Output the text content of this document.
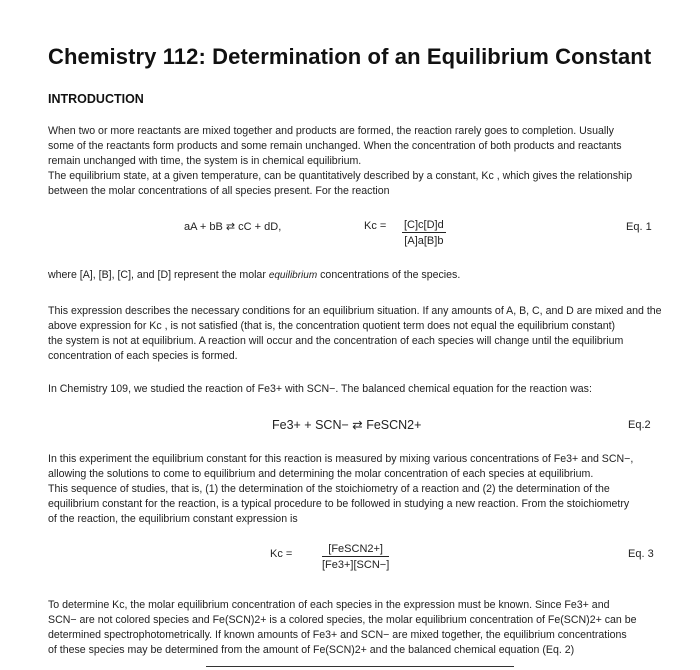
Chemistry 112: Determination of an Equilibrium Constant
INTRODUCTION
When two or more reactants are mixed together and products are formed, the reaction rarely goes to completion. Usually
some of the reactants form products and some remain unchanged. When the concentration of both products and reactants
remain unchanged with time, the system is in chemical equilibrium.
The equilibrium state, at a given temperature, can be quantitatively described by a constant, Kc , which gives the relationship
between the molar concentrations of all species present. For the reaction
aA + bB ⇄ cC + dD,	$Kc = \frac{[C]c[D]d}{[A]a[B]b}$	Eq. 1
where [A], [B], [C], and [D] represent the molar equilibrium concentrations of the species.
This expression describes the necessary conditions for an equilibrium situation. If any amounts of A, B, C, and D are mixed and the
above expression for Kc , is not satisfied (that is, the concentration quotient term does not equal the equilibrium constant)
the system is not at equilibrium. A reaction will occur and the concentration of each species will change until the equilibrium
concentration of each species is formed.
In Chemistry 109, we studied the reaction of Fe3+ with SCN−. The balanced chemical equation for the reaction was:
Fe3+ + SCN− ⇄ FeSCN2+	Eq.2
In this experiment the equilibrium constant for this reaction is measured by mixing various concentrations of Fe3+ and SCN−,
allowing the solutions to come to equilibrium and determining the molar concentration of each species at equilibrium.
This sequence of studies, that is, (1) the determination of the stoichiometry of a reaction and (2) the determination of the
equilibrium constant for the reaction, is a typical procedure to be followed in studying a new reaction. From the stoichiometry
of the reaction, the equilibrium constant expression is
Kc =	[FeSCN2+]
[Fe3+][SCN−]
Eq. 3
To determine Kc, the molar equilibrium concentration of each species in the expression must be known. Since Fe3+ and
SCN− are not colored species and Fe(SCN)2+ is a colored species, the molar equilibrium concentration of Fe(SCN)2+ can be
determined spectrophotometrically. If known amounts of Fe3+ and SCN− are mixed together, the equilibrium concentrations
of these species may be determined from the amount of Fe(SCN)2+ and the balanced chemical equation (Eq. 2)
